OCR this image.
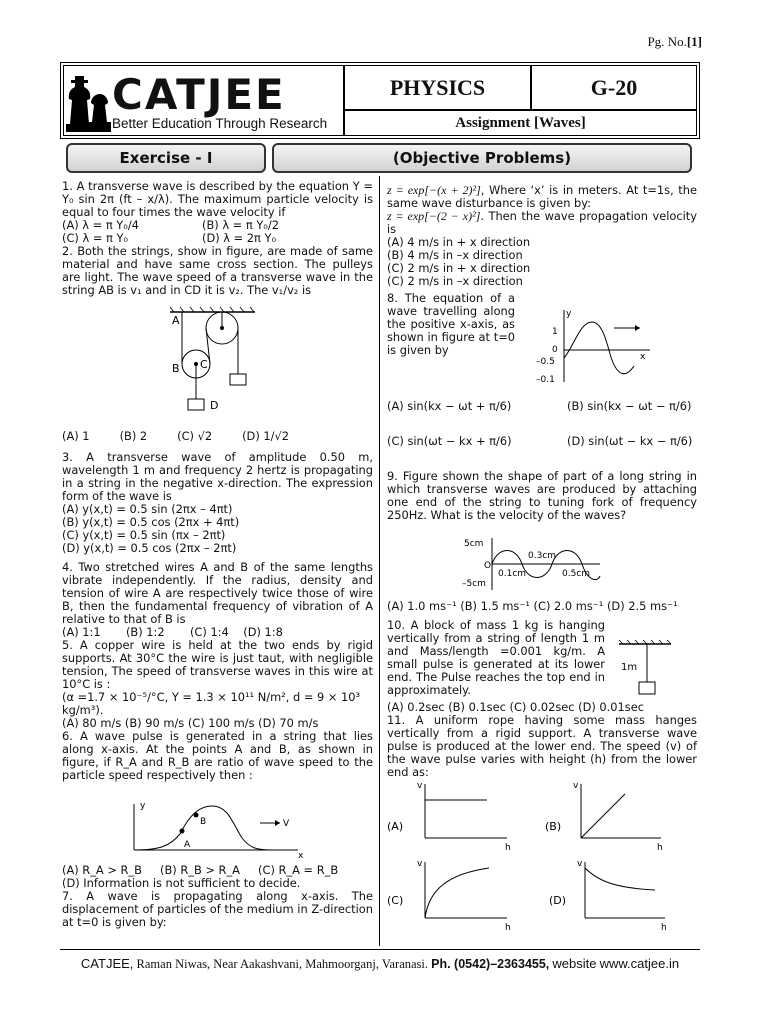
Pg. No.[1]
CATJEE
Better Education Through Research
PHYSICS	G-20
Assignment [Waves]
Exercise - I	(Objective Problems)

1. A transverse wave is described by the equation Y = Y₀ sin 2π (ft – x/λ). The maximum particle velocity is equal to four times the wave velocity if

(A) λ = π Y₀/4	(B) λ = π Y₀/2
(C) λ = π Y₀	(D) λ = 2π Y₀

2. Both the strings, show in figure, are made of same material and have same cross section. The pulleys are light. The wave speed of a transverse wave in the string AB is v₁ and in CD it is v₂. The v₁/v₂ is

A
B C
D
(A) 1	(B) 2	(C) √2	(D) 1/√2

3. A transverse wave of amplitude 0.50 m, wavelength 1 m and frequency 2 hertz is propagating in a string in the negative x-direction. The expression form of the wave is

(A) y(x,t) = 0.5 sin (2πx – 4πt)

(B) y(x,t) = 0.5 cos (2πx + 4πt)

(C) y(x,t) = 0.5 sin (πx – 2πt)

(D) y(x,t) = 0.5 cos (2πx – 2πt)

4. Two stretched wires A and B of the same lengths vibrate independently. If the radius, density and tension of wire A are respectively twice those of wire B, then the fundamental frequency of vibration of A relative to that of B is

(A) 1:1       (B) 1:2       (C) 1:4    (D) 1:8

5. A copper wire is held at the two ends by rigid supports. At 30°C the wire is just taut, with negligible tension, The speed of transverse waves in this wire at 10°C is :

(α =1.7 × 10⁻⁵/°C, Y = 1.3 × 10¹¹ N/m², d = 9 × 10³ kg/m³).

(A) 80 m/s (B) 90 m/s (C) 100 m/s (D) 70 m/s

6. A wave pulse is generated in a string that lies along x-axis. At the points A and B, as shown in figure, if R_A and R_B are ratio of wave speed to the particle speed respectively then :

y
x
A
B	V

(A) R_A > R_B     (B) R_B > R_A     (C) R_A = R_B

(D) Information is not sufficient to decide.

7. A wave is propagating along x-axis. The displacement of particles of the medium in Z-direction at t=0 is given by:

z = exp[−(x + 2)²], Where ‘x’ is in meters. At t=1s, the same wave disturbance is given by:

z = exp[−(2 − x)²]. Then the wave propagation velocity is

(A) 4 m/s in + x direction

(B) 4 m/s in –x direction

(C) 2 m/s in + x direction

(C) 2 m/s in –x direction

8. The equation of a wave travelling along the positive x-axis, as shown in figure at t=0 is given by

y
x
1
0
–0.5
–0.1
(A) sin(kx − ωt + π/6)	(B) sin(kx − ωt − π/6)
(C) sin(ωt − kx + π/6)	(D) sin(ωt − kx − π/6)

9. Figure shown the shape of part of a long string in which transverse waves are produced by attaching one end of the string to tuning fork of frequency 250Hz. What is the velocity of the waves?

5cm
–5cm
O
0.3cm
0.1cm	0.5cm

(A) 1.0 ms⁻¹ (B) 1.5 ms⁻¹ (C) 2.0 ms⁻¹ (D) 2.5 ms⁻¹

10. A block of mass 1 kg is hanging vertically from a string of length 1 m and Mass/length =0.001 kg/m. A small pulse is generated at its lower end. The Pulse reaches the top end in approximately.

1m

(A) 0.2sec (B) 0.1sec (C) 0.02sec (D) 0.01sec

11. A uniform rope having some mass hanges vertically from a rigid support. A transverse wave pulse is produced at the lower end. The speed (v) of the wave pulse varies with height (h) from the lower end as:

(A)
v
h
(B)
v
h
(C)
v
h
(D)
v
h
CATJEE, Raman Niwas, Near Aakashvani, Mahmoorganj, Varanasi. Ph. (0542)–2363455, website www.catjee.in
